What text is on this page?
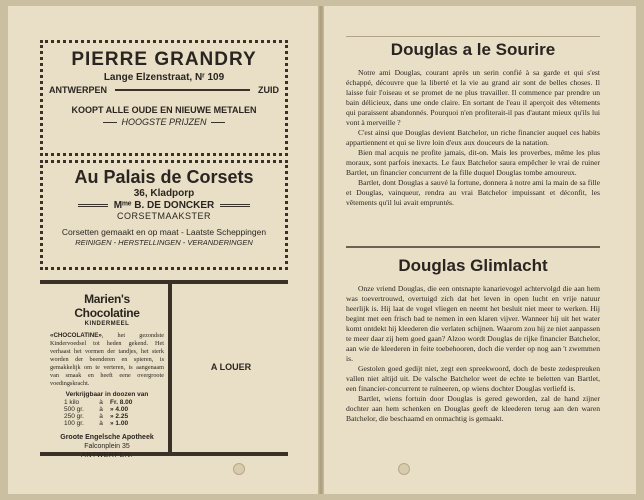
PIERRE GRANDRY
Lange Elzenstraat, Nʳ 109
ANTWERPEN	ZUID
KOOPT ALLE OUDE EN NIEUWE METALEN
HOOGSTE PRIJZEN
Au Palais de Corsets
36, Kladporp
Mᵐᵉ B. DE DONCKER
CORSETMAAKSTER
Corsetten gemaakt en op maat - Laatste Scheppingen
REINIGEN - HERSTELLINGEN - VERANDERINGEN
Marien's Chocolatine
KINDERMEEL
«CHOCOLATINE», het gezondste Kindervoedsel tot heden gekend. Het verhaast het vormen der tandjes, het sterk worden der beenderen en spieren, is gemakkelijk om te verteren, is aangenaam van smaak en heeft eene overgroote voedingskracht.
Verkrijgbaar in doozen van
1 kilo	à	Fr. 8.00
500 gr.	à	» 4.00
250 gr.	à	» 2.25
100 gr.	à	» 1.00
Groote Engelsche Apotheek
Falconplein 35
ANTWERPEN.
A LOUER
Douglas a le Sourire

Notre ami Douglas, courant après un serin confié à sa garde et qui s'est échappé, découvre que la liberté et la vie au grand air sont de belles choses. Il laisse fuir l'oiseau et se promet de ne plus travailler. Il commence par prendre un bain délicieux, dans une onde claire. En sortant de l'eau il aperçoit des vêtements qui paraissent abandonnés. Pourquoi n'en profiterait-il pas d'autant mieux qu'ils lui vont à merveille ?

C'est ainsi que Douglas devient Batchelor, un riche financier auquel ces habits appartiennent et qui se livre loin d'eux aux douceurs de la natation.

Bien mal acquis ne profite jamais, dit-on. Mais les proverbes, même les plus moraux, sont parfois inexacts. Le faux Batchelor saura empêcher le vrai de ruiner Bartlet, un financier concurrent de la fille duquel Douglas tombe amoureux.

Bartlet, dont Douglas a sauvé la fortune, donnera à notre ami la main de sa fille et Douglas, vainqueur, rendra au vrai Batchelor impuissant et déconfit, les vêtements qu'il lui avait empruntés.

Douglas Glimlacht

Onze vriend Douglas, die een ontsnapte kanarievogel achtervolgd die aan hem was toevertrouwd, overtuigd zich dat het leven in open lucht en vrije natuur heerlijk is. Hij laat de vogel vliegen en neemt het besluit niet meer te werken. Hij begint met een frisch bad te nemen in een klaren vijver. Wanneer hij uit het water komt ontdekt hij kleederen die verlaten schijnen. Waarom zou hij ze niet aanpassen te meer daar zij hem goed gaan? Alzoo wordt Douglas de rijke financier Batchelor, aan wie de kleederen in feite toebehooren, doch die verder op nog aan 't zwemmen is.

Gestolen goed gedijt niet, zegt een spreekwoord, doch de beste zedespreuken vallen niet altijd uit. De valsche Batchelor weet de echte te beletten van Bartlet, een financier-concurrent te ruïneeren, op wiens dochter Douglas verliefd is.

Bartlet, wiens fortuin door Douglas is gered geworden, zal de hand zijner dochter aan hem schenken en Douglas geeft de kleederen terug aan den waren Batchelor, die beschaamd en onmachtig is gemaakt.
